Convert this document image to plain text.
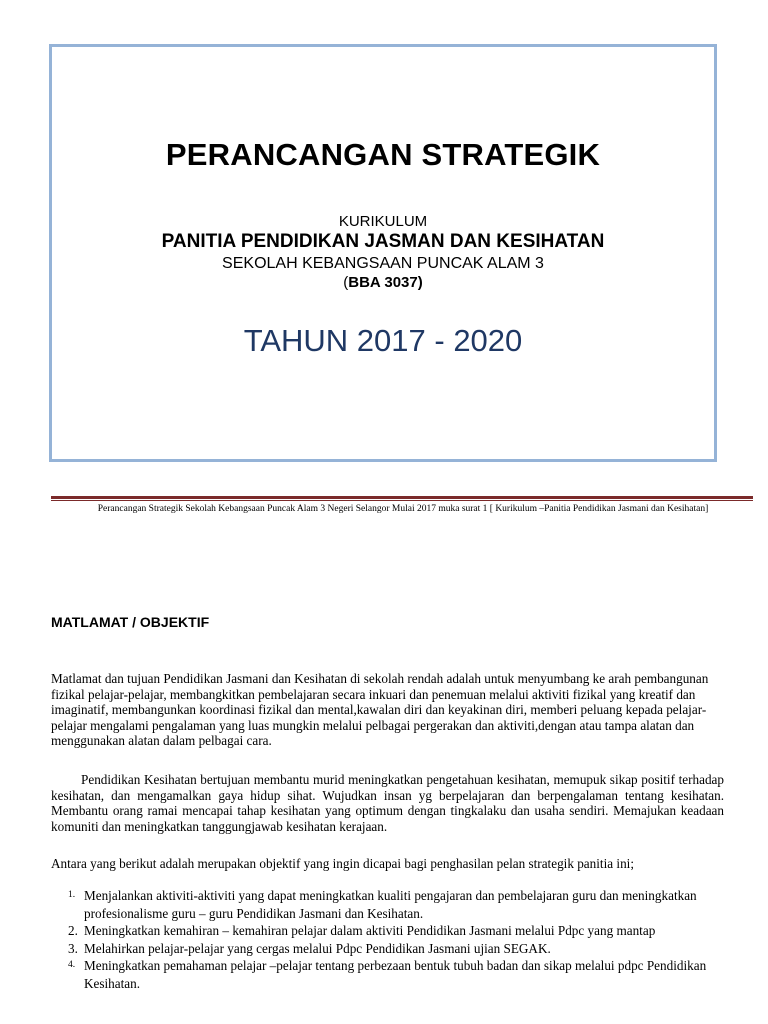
PERANCANGAN STRATEGIK
KURIKULUM
PANITIA PENDIDIKAN JASMAN DAN KESIHATAN
SEKOLAH KEBANGSAAN PUNCAK ALAM 3
(BBA 3037)
TAHUN 2017 - 2020
Perancangan Strategik Sekolah Kebangsaan Puncak Alam 3 Negeri Selangor Mulai 2017 muka surat 1 [ Kurikulum –Panitia Pendidikan Jasmani dan Kesihatan]
MATLAMAT / OBJEKTIF
Matlamat dan tujuan Pendidikan Jasmani dan Kesihatan di sekolah rendah adalah untuk menyumbang ke arah pembangunan fizikal pelajar-pelajar, membangkitkan pembelajaran secara inkuari dan penemuan melalui aktiviti fizikal yang kreatif dan imaginatif, membangunkan koordinasi fizikal dan mental,kawalan diri dan keyakinan diri, memberi peluang kepada pelajar-pelajar mengalami pengalaman yang luas mungkin melalui pelbagai pergerakan dan aktiviti,dengan atau tampa alatan dan menggunakan alatan dalam pelbagai cara.
Pendidikan Kesihatan bertujuan membantu murid meningkatkan pengetahuan kesihatan, memupuk sikap positif terhadap kesihatan, dan mengamalkan gaya hidup sihat. Wujudkan insan yg berpelajaran dan berpengalaman tentang kesihatan. Membantu orang ramai mencapai tahap kesihatan yang optimum dengan tingkalaku dan usaha sendiri. Memajukan keadaan komuniti dan meningkatkan tanggungjawab kesihatan kerajaan.
Antara yang berikut adalah merupakan objektif yang ingin dicapai bagi penghasilan pelan strategik panitia ini;
1. Menjalankan aktiviti-aktiviti yang dapat meningkatkan kualiti pengajaran dan pembelajaran guru dan meningkatkan profesionalisme guru – guru Pendidikan Jasmani dan Kesihatan.
2. Meningkatkan kemahiran – kemahiran pelajar dalam aktiviti Pendidikan Jasmani melalui Pdpc yang mantap
3. Melahirkan pelajar-pelajar yang cergas melalui Pdpc Pendidikan Jasmani ujian SEGAK.
4. Meningkatkan pemahaman pelajar –pelajar tentang perbezaan bentuk tubuh badan dan sikap melalui pdpc Pendidikan Kesihatan.
